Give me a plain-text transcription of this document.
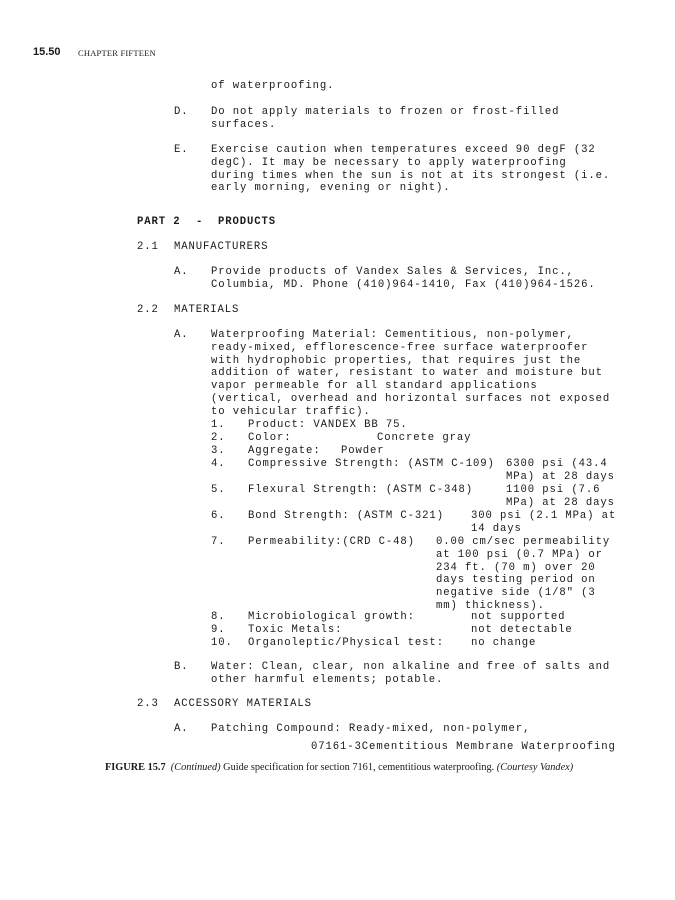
15.50 CHAPTER FIFTEEN
of waterproofing.
D. Do not apply materials to frozen or frost-filled
surfaces.
E. Exercise caution when temperatures exceed 90 degF (32
degC). It may be necessary to apply waterproofing
during times when the sun is not at its strongest (i.e.
early morning, evening or night).
PART 2 - PRODUCTS
2.1 MANUFACTURERS
A. Provide products of Vandex Sales & Services, Inc.,
Columbia, MD. Phone (410)964-1410, Fax (410)964-1526.
2.2 MATERIALS
A. Waterproofing Material: Cementitious, non-polymer,
ready-mixed, efflorescence-free surface waterproofer
with hydrophobic properties, that requires just the
addition of water, resistant to water and moisture but
vapor permeable for all standard applications
(vertical, overhead and horizontal surfaces not exposed
to vehicular traffic).
1. Product: VANDEX BB 75.
2. Color:	Concrete gray
3. Aggregate: Powder
4. Compressive Strength: (ASTM C-109) 6300 psi (43.4
MPa) at 28 days
5. Flexural Strength: (ASTM C-348)	1100 psi (7.6
MPa) at 28 days
6. Bond Strength: (ASTM C-321)	300 psi (2.1 MPa) at
14 days
7. Permeability:(CRD C-48) 0.00 cm/sec permeability
at 100 psi (0.7 MPa) or
234 ft. (70 m) over 20
days testing period on
negative side (1/8" (3
mm) thickness).
8. Microbiological growth:	not supported
9. Toxic Metals:	not detectable
10. Organoleptic/Physical test:	no change
B. Water: Clean, clear, non alkaline and free of salts and
other harmful elements; potable.
2.3 ACCESSORY MATERIALS
A. Patching Compound: Ready-mixed, non-polymer,
07161-3Cementitious Membrane Waterproofing
FIGURE 15.7 (Continued) Guide specification for section 7161, cementitious waterproofing. (Courtesy Vandex)
